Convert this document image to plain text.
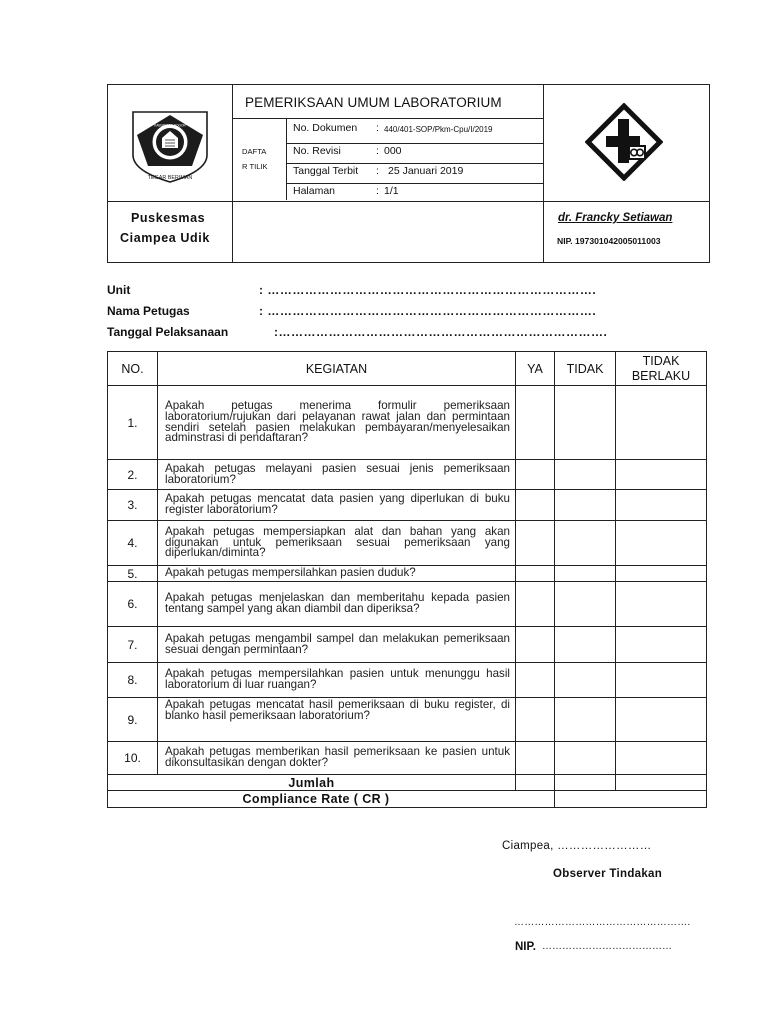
TEGAR BERIMAN
KABUPATEN BOGOR
PEMERIKSAAN UMUM LABORATORIUM
DAFTA
R TILIK
No. Dokumen : 440/401-SOP/Pkm-Cpu/I/2019
No. Revisi	: 000
Tanggal Terbit : 25 Januari 2019
Halaman	: 1/1
Puskesmas
Ciampea Udik
dr. Francky Setiawan
NIP. 197301042005011003
Unit	: …………………………………………………………………….
Nama Petugas	: …………………………………………………………………….
Tanggal Pelaksanaan	:…………………………………………………………………….
NO.	KEGIATAN	YA	TIDAK	TIDAK
BERLAKU
1.	Apakah petugas menerima formulir pemeriksaan laboratorium/rujukan dari pelayanan rawat jalan dan permintaan sendiri setelah pasien melakukan pembayaran/menyelesaikan adminstrasi di pendaftaran?			
2.	Apakah petugas melayani pasien sesuai jenis pemeriksaan laboratorium?			
3.	Apakah petugas mencatat data pasien yang diperlukan di buku register laboratorium?			
4.	Apakah petugas mempersiapkan alat dan bahan yang akan digunakan untuk pemeriksaan sesuai pemeriksaan yang diperlukan/diminta?			
5.	Apakah petugas mempersilahkan pasien duduk?			
6.	Apakah petugas menjelaskan dan memberitahu kepada pasien tentang sampel yang akan diambil dan diperiksa?			
7.	Apakah petugas mengambil sampel dan melakukan pemeriksaan sesuai dengan permintaan?			
8.	Apakah petugas mempersilahkan pasien untuk menunggu hasil laboratorium di luar ruangan?			
9.	Apakah petugas mencatat hasil pemeriksaan di buku register, di blanko hasil pemeriksaan laboratorium?			
10.	Apakah petugas memberikan hasil pemeriksaan ke pasien untuk dikonsultasikan dengan dokter?			
Jumlah				
Compliance Rate ( CR )				
Ciampea, ……………………
Observer Tindakan
…………………………………………….
NIP. …………………………………
